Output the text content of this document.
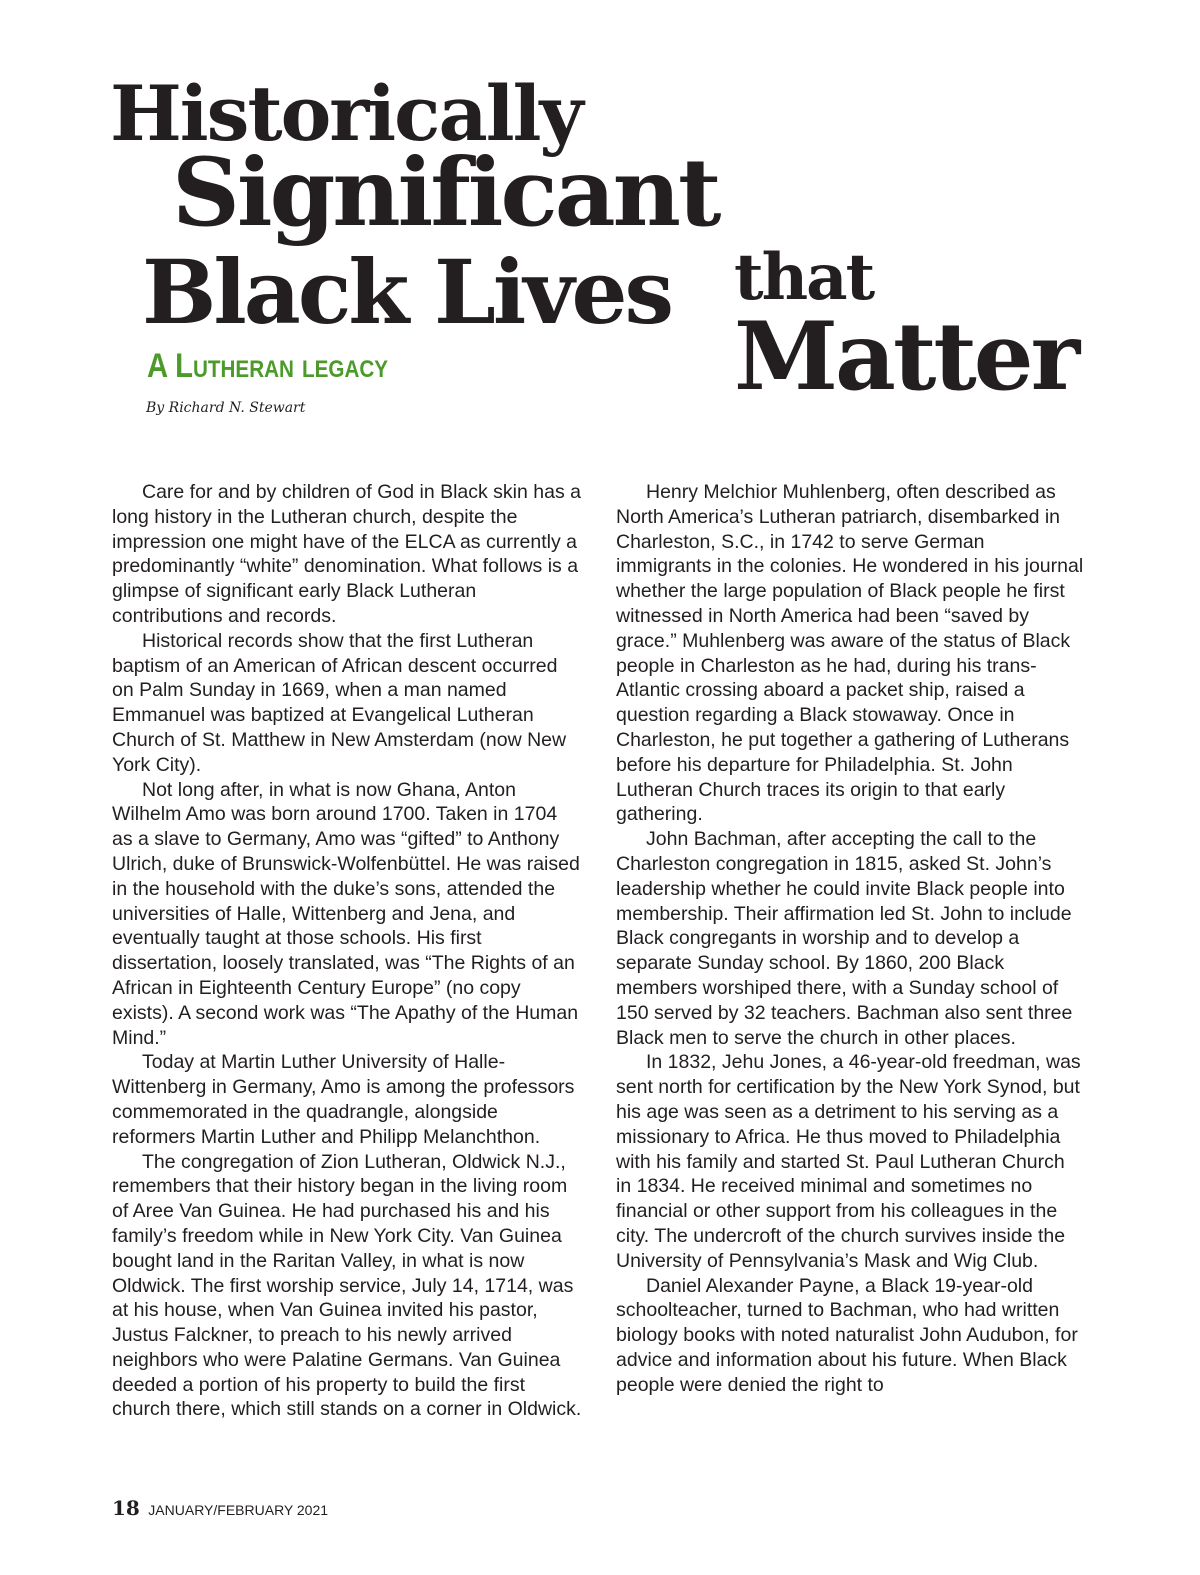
Historically
Significant
Black Lives that
Matter
A Lutheran legacy

By Richard N. Stewart

Care for and by children of God in Black skin has a long history in the Lutheran church, despite the impression one might have of the ELCA as currently a predominantly “white” denomination. What follows is a glimpse of significant early Black Lutheran contributions and records.

Historical records show that the first Lutheran baptism of an American of African descent occurred on Palm Sunday in 1669, when a man named Emmanuel was baptized at Evangelical Lutheran Church of St. Matthew in New Amsterdam (now New York City).

Not long after, in what is now Ghana, Anton Wilhelm Amo was born around 1700. Taken in 1704 as a slave to Germany, Amo was “gifted” to Anthony Ulrich, duke of Brunswick-Wolfenbüttel. He was raised in the household with the duke’s sons, attended the universities of Halle, Wittenberg and Jena, and eventually taught at those schools. His first dissertation, loosely translated, was “The Rights of an African in Eighteenth Century Europe” (no copy exists). A second work was “The Apathy of the Human Mind.”

Today at Martin Luther University of Halle-Wittenberg in Germany, Amo is among the professors commemorated in the quadrangle, alongside reformers Martin Luther and Philipp Melanchthon.

The congregation of Zion Lutheran, Oldwick N.J., remembers that their history began in the living room of Aree Van Guinea. He had purchased his and his family’s freedom while in New York City. Van Guinea bought land in the Raritan Valley, in what is now Oldwick. The first worship service, July 14, 1714, was at his house, when Van Guinea invited his pastor, Justus Falckner, to preach to his newly arrived neighbors who were Palatine Germans. Van Guinea deeded a portion of his property to build the first church there, which still stands on a corner in Oldwick.

Henry Melchior Muhlenberg, often described as North America’s Lutheran patriarch, disembarked in Charleston, S.C., in 1742 to serve German immigrants in the colonies. He wondered in his journal whether the large population of Black people he first witnessed in North America had been “saved by grace.” Muhlenberg was aware of the status of Black people in Charleston as he had, during his trans-Atlantic crossing aboard a packet ship, raised a question regarding a Black stowaway. Once in Charleston, he put together a gathering of Lutherans before his departure for Philadelphia. St. John Lutheran Church traces its origin to that early gathering.

John Bachman, after accepting the call to the Charleston congregation in 1815, asked St. John’s leadership whether he could invite Black people into membership. Their affirmation led St. John to include Black congregants in worship and to develop a separate Sunday school. By 1860, 200 Black members worshiped there, with a Sunday school of 150 served by 32 teachers. Bachman also sent three Black men to serve the church in other places.

In 1832, Jehu Jones, a 46-year-old freedman, was sent north for certification by the New York Synod, but his age was seen as a detriment to his serving as a missionary to Africa. He thus moved to Philadelphia with his family and started St. Paul Lutheran Church in 1834. He received minimal and sometimes no financial or other support from his colleagues in the city. The undercroft of the church survives inside the University of Pennsylvania’s Mask and Wig Club.

Daniel Alexander Payne, a Black 19-year-old schoolteacher, turned to Bachman, who had written biology books with noted naturalist John Audubon, for advice and information about his future. When Black people were denied the right to

18 JANUARY/FEBRUARY 2021
